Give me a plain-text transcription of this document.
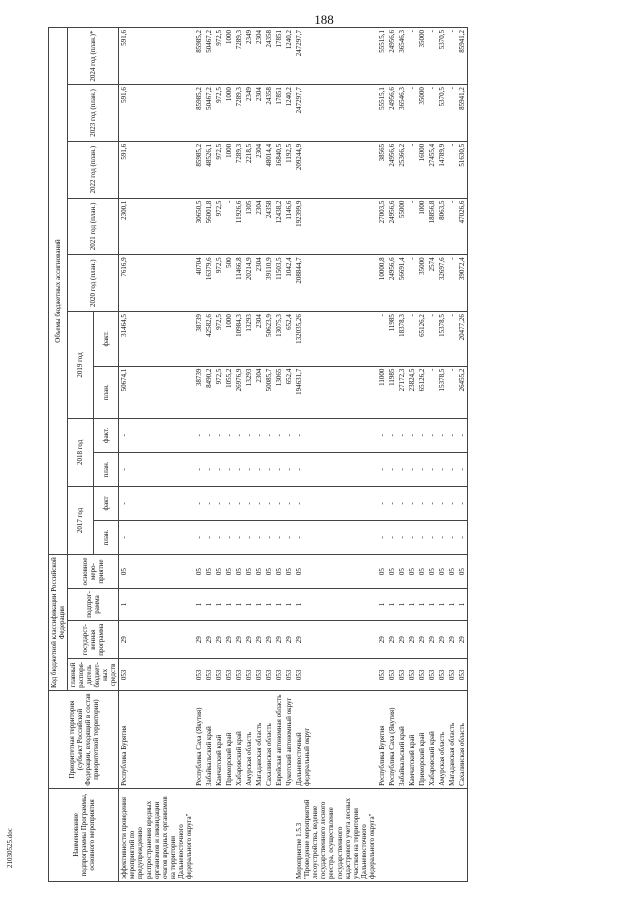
188
21030525.doc	Наименование подпрограммы Программы, основного мероприятия	Приоритетная территория (субъект Российской Федерации, входящий в состав приоритетной территории)	Код бюджетной классификации Российской Федерации				Объемы бюджетных ассигнований										
		главный распоря-дитель бюджет-ных средств	государст-венная программа	подпрог-рамма	основное меро-приятие	2017 год		2018 год		2019 год		2020 год (план.)	2021 год (план.)	2022 год (план.)	2023 год (план.)	2024 год (план.)*
						план.	факт	план.	факт.	план.	факт.					
эффективности проведения мероприятий по предупреждению распространения вредных организмов и ликвидации очагов вредных организмов на территории Дальневосточного федерального округа"	Республика Бурятия	053	29	1	05	-	-	-	-	50674,1	31464,5	7616,9	2300,1	591,6	591,6	591,6
	Республика Саха (Якутия)	053	29	1	05	-	-	-	-	38739	38739	40704	30650,5	85985,2	85985,2	85985,2
	Забайкальский край	053	29	1	05	-	-	-	-	8490,2	42582,6	16379,6	56001,8	48526,1	50467,2	50467,2
	Камчатский край	053	29	1	05	-	-	-	-	972,5	972,5	972,5	972,5	972,5	972,5	972,5
	Приморский край	053	29	1	05	-	-	-	-	1055,2	1000	500	-	1000	1000	1000
	Хабаровский край	053	29	1	05	-	-	-	-	26976,9	10984,3	11466,8	11926,6	7289,3	7289,3	7289,3
	Амурская область	053	29	1	05	-	-	-	-	13293	13293	20214,9	1305	2218,5	2349	2349
	Магаданская область	053	29	1	05	-	-	-	-	2304	2304	2304	2304	2304	2304	2304
	Сахалинская область	053	29	1	05	-	-	-	-	50085,7	50623,9	39110,9	24358	48014,4	24358	24358
	Еврейская автономная область	053	29	1	05	-	-	-	-	13065	13075,3	11503,5	12438,2	16840,5	17851	17851
	Чукотский автономный округ	053	29	1	05	-	-	-	-	652,4	652,4	1042,4	1146,6	1192,5	1240,2	1240,2
Мероприятие 1.5.3 "Проведение мероприятий лесоустройства, ведение государственного лесного реестра, осуществление государственного кадастрового учета лесных участков на территории Дальневосточного федерального округа"	Дальневосточный федеральный округ	053	29	1	05	-	-	-	-	194631,7	132035,26	208844,7	192399,9	209244,9	247297,7	247297,7
	Республика Бурятия	053	29	1	05	-	-	-	-	11000	-	10000,8	27003,5	38565	55515,1	55515,1
	Республика Саха (Якутия)	053	29	1	05	-	-	-	-	11985	11985	24956,6	24956,6	24956,6	24956,6	24956,6
	Забайкальский край	053	29	1	05	-	-	-	-	27172,3	18378,3	56691,4	55000	25366,2	36546,3	36546,3
	Камчатский край	053	29	1	05	-	-	-	-	23824,5	-	-	-	-	-	-
	Приморский край	053	29	1	05	-	-	-	-	65126,2	65126,2	35000	1000	16000	35000	35000
	Хабаровский край	053	29	1	05	-	-	-	-	-	-	2574	18856,8	27455,4	-	-
	Амурская область	053	29	1	05	-	-	-	-	15378,5	15378,5	32697,6	8063,5	14789,9	5370,5	5370,5
	Магаданская область	053	29	1	05	-	-	-	-	-	-	-	-	-	-	-
	Сахалинская область	053	29	1	05	-	-	-	-	26455,2	20477,26	39072,4	47026,6	51630,5	85941,2	85941,2
